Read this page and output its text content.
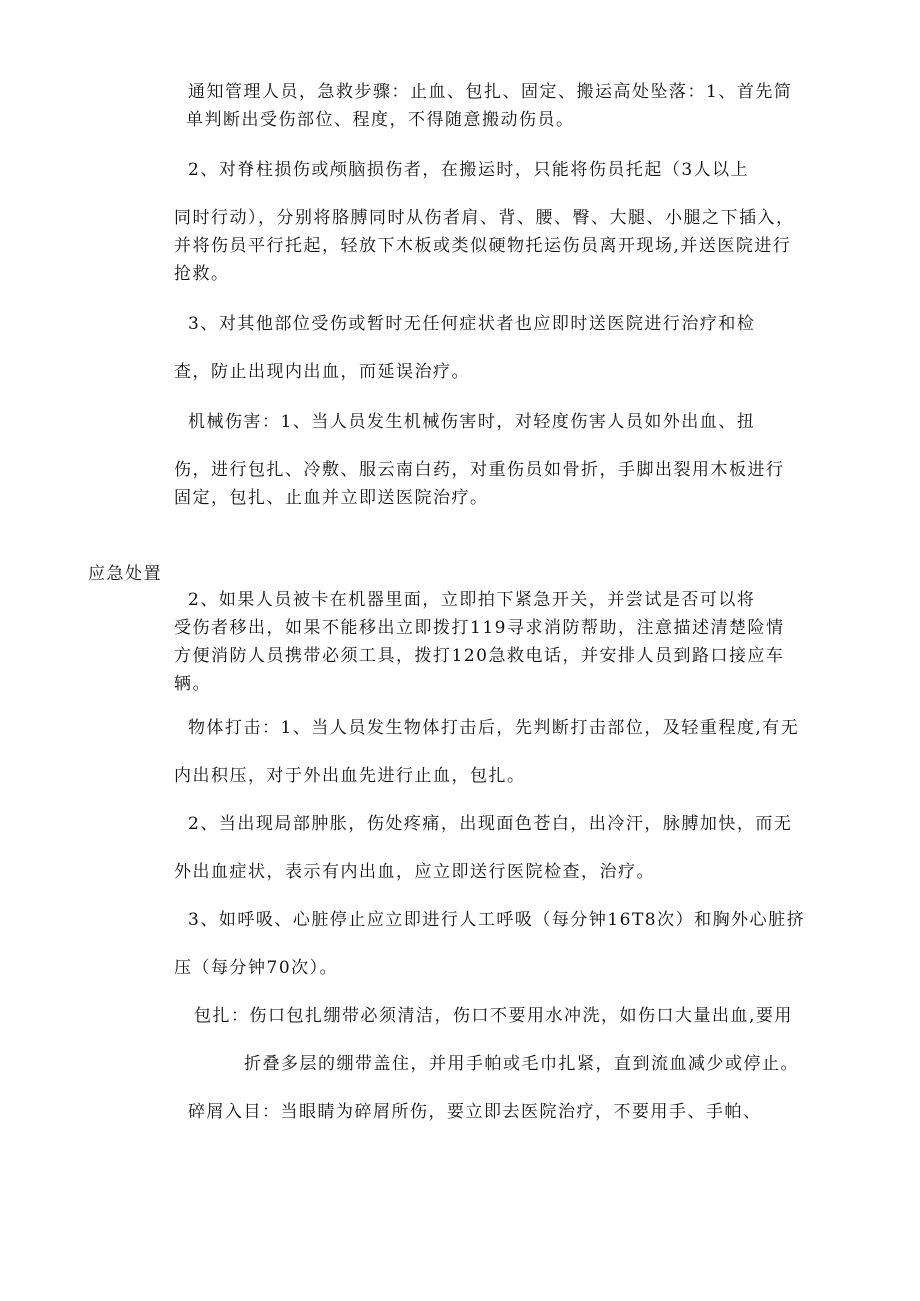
通知管理人员，急救步骤：止血、包扎、固定、搬运高处坠落：1、首先简
单判断出受伤部位、程度，不得随意搬动伤员。
2、对脊柱损伤或颅脑损伤者，在搬运时，只能将伤员托起（3人以上
同时行动），分别将胳膊同时从伤者肩、背、腰、臀、大腿、小腿之下插入，
并将伤员平行托起，轻放下木板或类似硬物托运伤员离开现场,并送医院进行
抢救。
3、对其他部位受伤或暂时无任何症状者也应即时送医院进行治疗和检
查，防止出现内出血，而延误治疗。
机械伤害：1、当人员发生机械伤害时，对轻度伤害人员如外出血、扭
伤，进行包扎、冷敷、服云南白药，对重伤员如骨折，手脚出裂用木板进行
固定，包扎、止血并立即送医院治疗。
应急处置
2、如果人员被卡在机器里面，立即拍下紧急开关，并尝试是否可以将
受伤者移出，如果不能移出立即拨打119寻求消防帮助，注意描述清楚险情
方便消防人员携带必须工具，拨打120急救电话，并安排人员到路口接应车
辆。
物体打击：1、当人员发生物体打击后，先判断打击部位，及轻重程度,有无
内出积压，对于外出血先进行止血，包扎。
2、当出现局部肿胀，伤处疼痛，出现面色苍白，出冷汗，脉膊加快，而无
外出血症状，表示有内出血，应立即送行医院检查，治疗。
3、如呼吸、心脏停止应立即进行人工呼吸（每分钟16T8次）和胸外心脏挤
压（每分钟70次）。
包扎：伤口包扎绷带必须清洁，伤口不要用水冲洗，如伤口大量出血,要用
折叠多层的绷带盖住，并用手帕或毛巾扎紧，直到流血减少或停止。
碎屑入目：当眼睛为碎屑所伤，要立即去医院治疗，不要用手、手帕、
